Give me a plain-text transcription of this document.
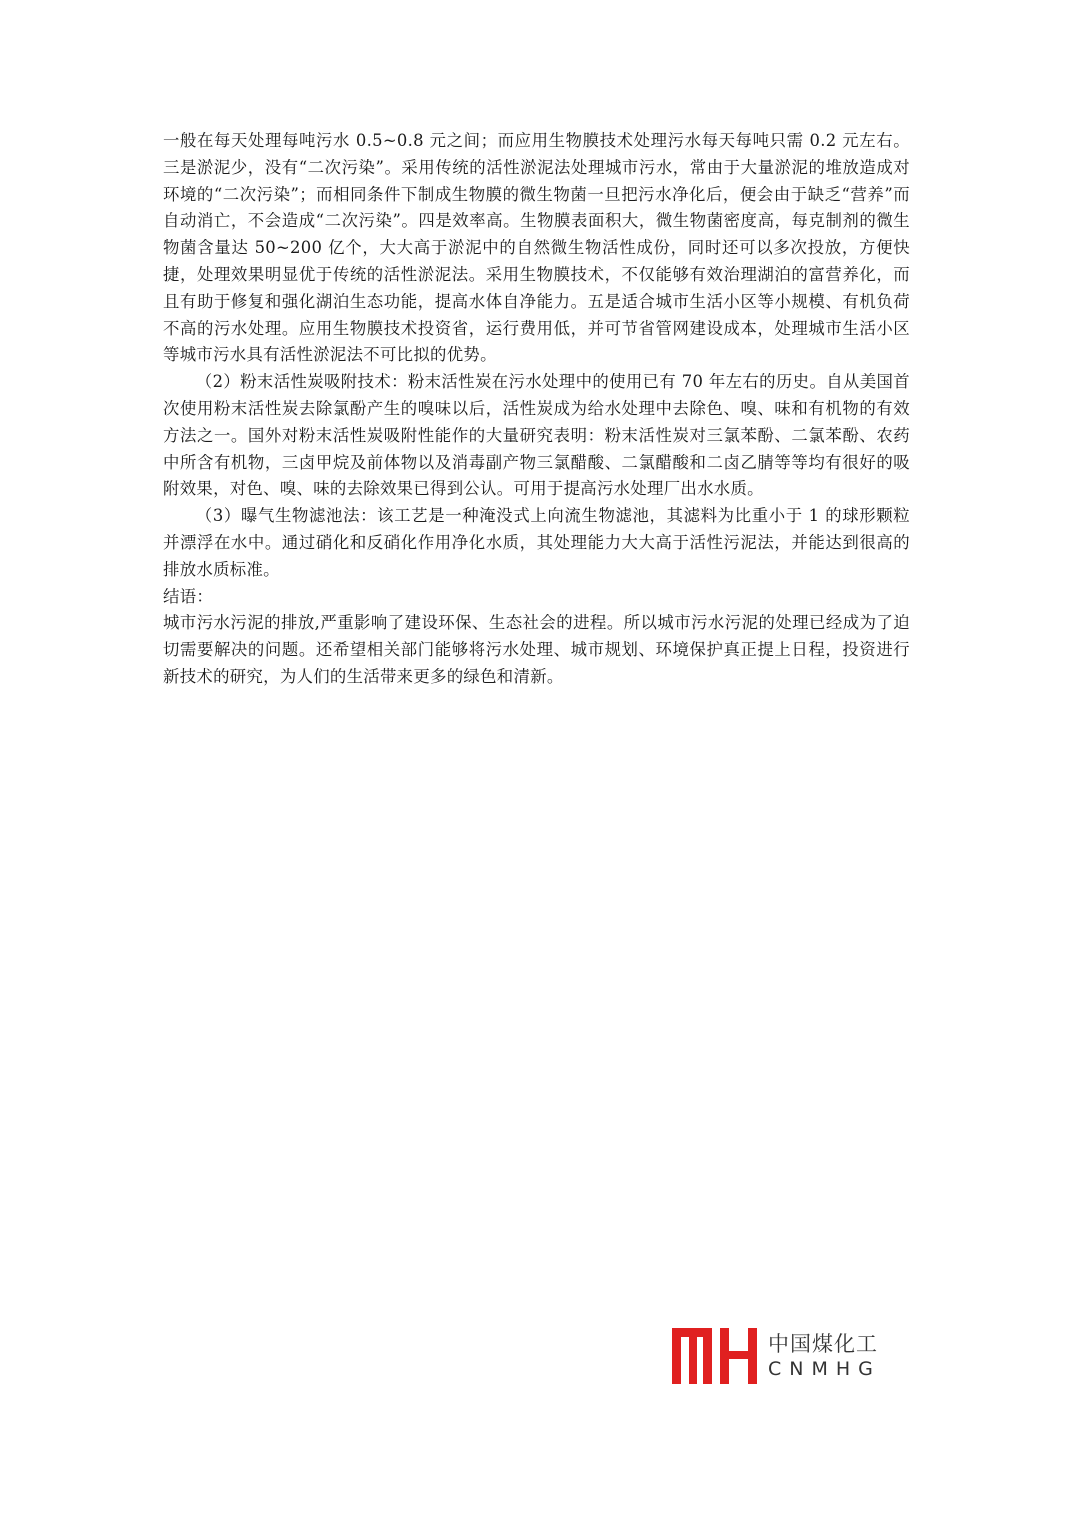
一般在每天处理每吨污水 0.5~0.8 元之间；而应用生物膜技术处理污水每天每吨只需 0.2 元左右。三是淤泥少，没有“二次污染”。采用传统的活性淤泥法处理城市污水，常由于大量淤泥的堆放造成对环境的“二次污染”；而相同条件下制成生物膜的微生物菌一旦把污水净化后，便会由于缺乏“营养”而自动消亡，不会造成“二次污染”。四是效率高。生物膜表面积大，微生物菌密度高，每克制剂的微生物菌含量达 50~200 亿个，大大高于淤泥中的自然微生物活性成份，同时还可以多次投放，方便快捷，处理效果明显优于传统的活性淤泥法。采用生物膜技术，不仅能够有效治理湖泊的富营养化，而且有助于修复和强化湖泊生态功能，提高水体自净能力。五是适合城市生活小区等小规模、有机负荷不高的污水处理。应用生物膜技术投资省，运行费用低，并可节省管网建设成本，处理城市生活小区等城市污水具有活性淤泥法不可比拟的优势。

（2）粉末活性炭吸附技术：粉末活性炭在污水处理中的使用已有 70 年左右的历史。自从美国首次使用粉末活性炭去除氯酚产生的嗅味以后，活性炭成为给水处理中去除色、嗅、味和有机物的有效方法之一。国外对粉末活性炭吸附性能作的大量研究表明：粉末活性炭对三氯苯酚、二氯苯酚、农药中所含有机物，三卤甲烷及前体物以及消毒副产物三氯醋酸、二氯醋酸和二卤乙腈等等均有很好的吸附效果，对色、嗅、味的去除效果已得到公认。可用于提高污水处理厂出水水质。

（3）曝气生物滤池法：该工艺是一种淹没式上向流生物滤池，其滤料为比重小于 1 的球形颗粒并漂浮在水中。通过硝化和反硝化作用净化水质，其处理能力大大高于活性污泥法，并能达到很高的排放水质标准。

结语：

城市污水污泥的排放,严重影响了建设环保、生态社会的进程。所以城市污水污泥的处理已经成为了迫切需要解决的问题。还希望相关部门能够将污水处理、城市规划、环境保护真正提上日程，投资进行新技术的研究，为人们的生活带来更多的绿色和清新。

中国煤化工
CNMHG
